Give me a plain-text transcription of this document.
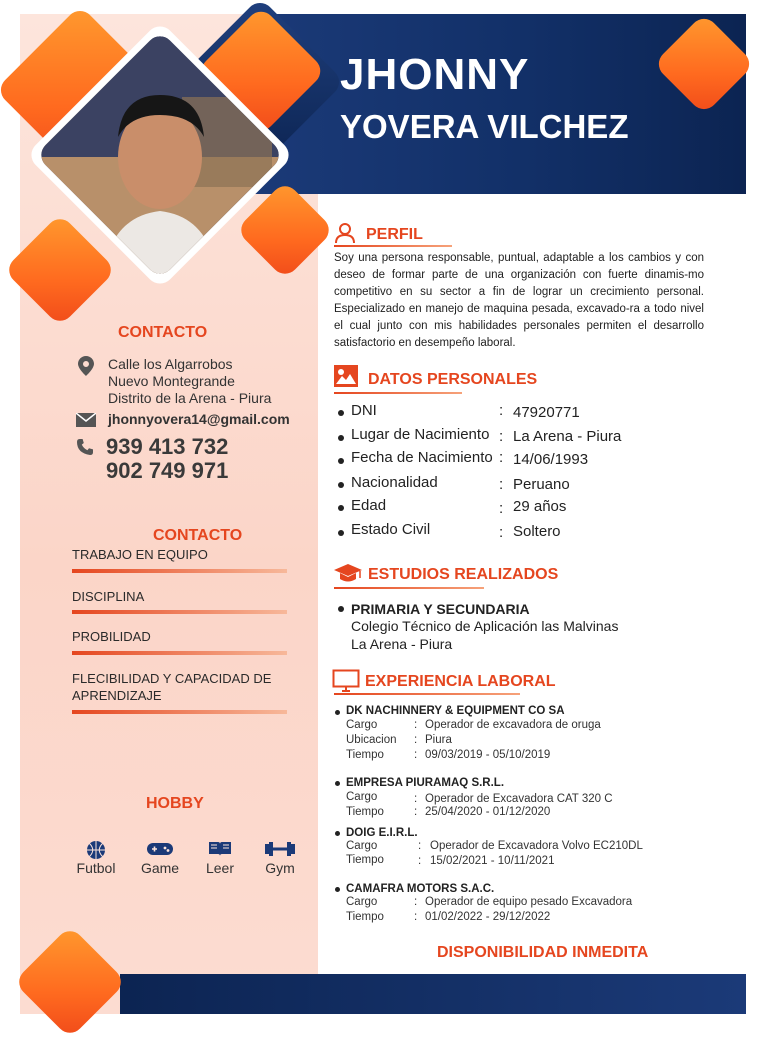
JHONNY
YOVERA VILCHEZ
CONTACTO
Calle los Algarrobos
Nuevo Montegrande
Distrito de la Arena - Piura
jhonnyovera14@gmail.com
939 413 732
902 749 971
CONTACTO
TRABAJO EN EQUIPO
DISCIPLINA
PROBILIDAD
FLECIBILIDAD Y CAPACIDAD DE
APRENDIZAJE
HOBBY
Futbol	Game	Leer	Gym
PERFIL
Soy una persona responsable, puntual, adaptable a los cambios y con deseo de formar parte de una organización con fuerte dinamis-mo competitivo en su sector a fin de lograr un crecimiento personal. Especializado en manejo de maquina pesada, excavado-ra a todo nivel el cual junto con mis habilidades personales permiten el desarrollo satisfactorio en desempeño laboral.
DATOS PERSONALES
DNI	: 47920771
Lugar de Nacimiento : La Arena - Piura
Fecha de Nacimiento : 14/06/1993
Nacionalidad	: Peruano
Edad	: 29 años
Estado Civil	: Soltero
ESTUDIOS REALIZADOS
PRIMARIA Y SECUNDARIA
Colegio Técnico de Aplicación las Malvinas
La Arena - Piura
EXPERIENCIA LABORAL
DK NACHINNERY & EQUIPMENT CO SA
Cargo	: Operador de excavadora de oruga
Ubicacion : Piura
Tiempo	: 09/03/2019 - 05/10/2019
EMPRESA PIURAMAQ S.R.L.
Cargo	: Operador de Excavadora CAT 320 C
Tiempo	: 25/04/2020 - 01/12/2020
DOIG E.I.R.L.
Cargo	: Operador de Excavadora Volvo EC210DL
Tiempo	: 15/02/2021 - 10/11/2021
CAMAFRA MOTORS S.A.C.
Cargo	: Operador de equipo pesado Excavadora
Tiempo	: 01/02/2022 - 29/12/2022
DISPONIBILIDAD INMEDITA
